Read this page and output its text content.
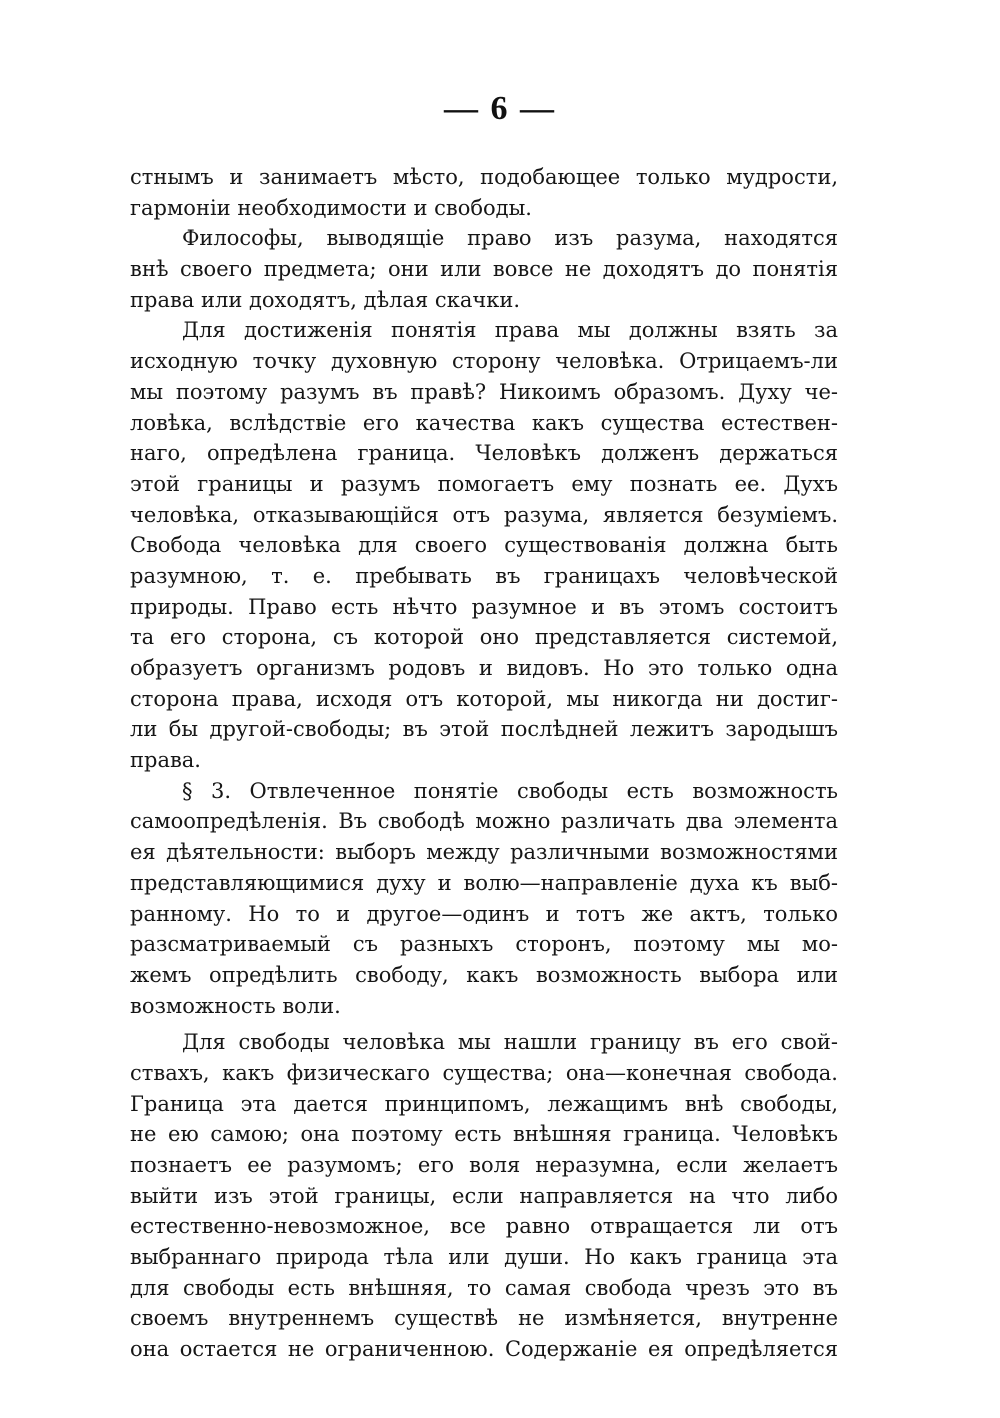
— 6 —
стнымъ и занимаетъ мѣсто, подобающее только мудрости,
гармоніи необходимости и свободы.
Философы, выводящіе право изъ разума, находятся
внѣ своего предмета; они или вовсе не доходятъ до понятія
права или доходятъ, дѣлая скачки.
Для достиженія понятія права мы должны взять за
исходную точку духовную сторону человѣка. Отрицаемъ-ли
мы поэтому разумъ въ правѣ? Никоимъ образомъ. Духу че-
ловѣка, вслѣдствіе его качества какъ существа естествен-
наго, опредѣлена граница. Человѣкъ долженъ держаться
этой границы и разумъ помогаетъ ему познать ее. Духъ
человѣка, отказывающійся отъ разума, является безуміемъ.
Свобода человѣка для своего существованія должна быть
разумною, т. е. пребывать въ границахъ человѣческой
природы. Право есть нѣчто разумное и въ этомъ состоитъ
та его сторона, съ которой оно представляется системой,
образуетъ организмъ родовъ и видовъ. Но это только одна
сторона права, исходя отъ которой, мы никогда ни достиг-
ли бы другой-свободы; въ этой послѣдней лежитъ зародышъ
права.
§ 3. Отвлеченное понятіе свободы есть возможность
самоопредѣленія. Въ свободѣ можно различать два элемента
ея дѣятельности: выборъ между различными возможностями
представляющимися духу и волю—направленіе духа къ выб-
ранному. Но то и другое—одинъ и тотъ же актъ, только
разсматриваемый съ разныхъ сторонъ, поэтому мы мо-
жемъ опредѣлить свободу, какъ возможность выбора или
возможность воли.
Для свободы человѣка мы нашли границу въ его свой-
ствахъ, какъ физическаго существа; она—конечная свобода.
Граница эта дается принципомъ, лежащимъ внѣ свободы,
не ею самою; она поэтому есть внѣшняя граница. Человѣкъ
познаетъ ее разумомъ; его воля неразумна, если желаетъ
выйти изъ этой границы, если направляется на что либо
естественно-невозможное, все равно отвращается ли отъ
выбраннаго природа тѣла или души. Но какъ граница эта
для свободы есть внѣшняя, то самая свобода чрезъ это въ
своемъ внутреннемъ существѣ не измѣняется, внутренне
она остается не ограниченною. Содержаніе ея опредѣляется
